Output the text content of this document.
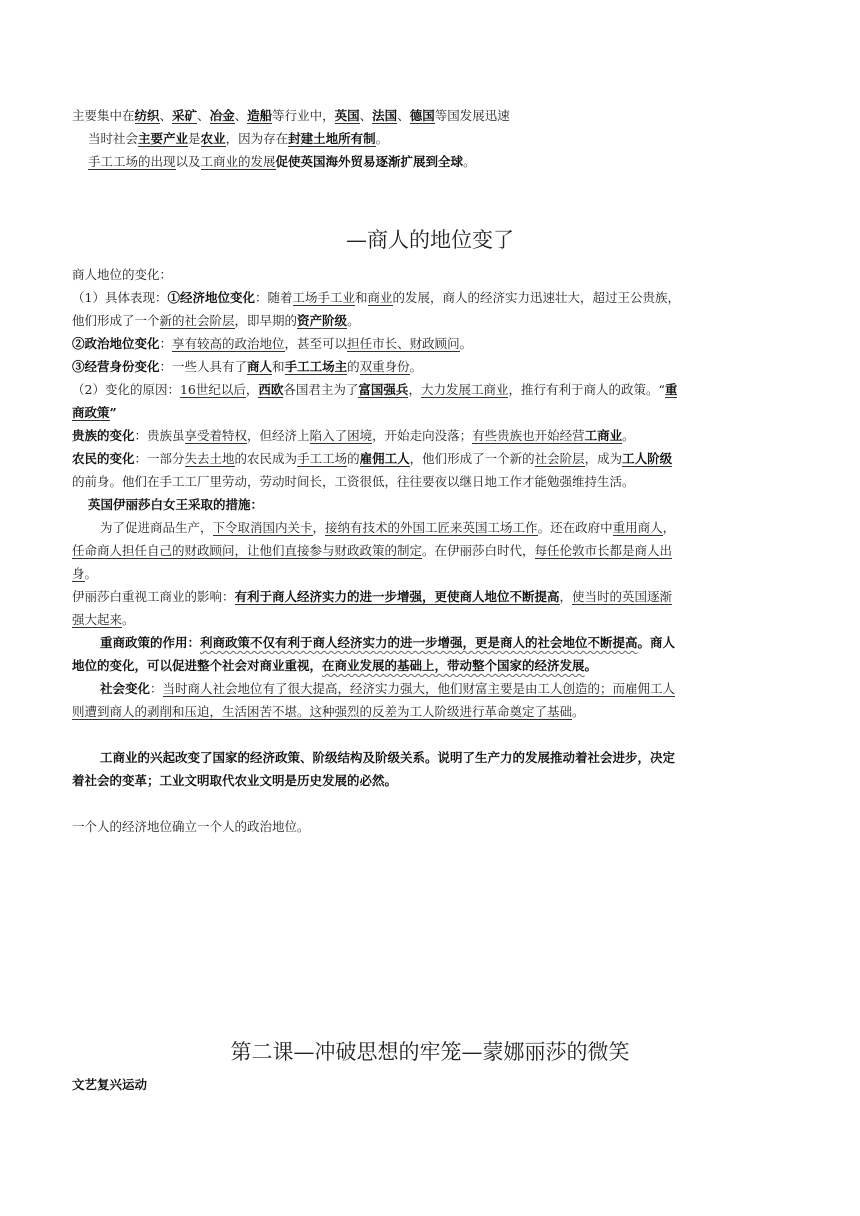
主要集中在纺织、采矿、冶金、造船等行业中，英国、法国、德国等国发展迅速
当时社会主要产业是农业，因为存在封建土地所有制。
手工工场的出现以及工商业的发展促使英国海外贸易逐渐扩展到全球。
—商人的地位变了
商人地位的变化：
（1）具体表现：①经济地位变化：随着工场手工业和商业的发展，商人的经济实力迅速壮大，超过王公贵族，
他们形成了一个新的社会阶层，即早期的资产阶级。
②政治地位变化：享有较高的政治地位，甚至可以担任市长、财政顾问。
③经营身份变化：一些人具有了商人和手工工场主的双重身份。
（2）变化的原因：16世纪以后，西欧各国君主为了富国强兵，大力发展工商业，推行有利于商人的政策。“重
商政策”
贵族的变化：贵族虽享受着特权，但经济上陷入了困境，开始走向没落；有些贵族也开始经营工商业。
农民的变化：一部分失去土地的农民成为手工工场的雇佣工人，他们形成了一个新的社会阶层，成为工人阶级
的前身。他们在手工工厂里劳动，劳动时间长，工资很低，往往要夜以继日地工作才能勉强维持生活。
英国伊丽莎白女王采取的措施：
为了促进商品生产，下令取消国内关卡，接纳有技术的外国工匠来英国工场工作。还在政府中重用商人，
任命商人担任自己的财政顾问，让他们直接参与财政政策的制定。在伊丽莎白时代，每任伦敦市长都是商人出
身。
伊丽莎白重视工商业的影响：有利于商人经济实力的进一步增强，更使商人地位不断提高，使当时的英国逐渐
强大起来。
重商政策的作用：利商政策不仅有利于商人经济实力的进一步增强，更是商人的社会地位不断提高。商人
地位的变化，可以促进整个社会对商业重视，在商业发展的基础上，带动整个国家的经济发展。
社会变化：当时商人社会地位有了很大提高，经济实力强大，他们财富主要是由工人创造的；而雇佣工人
则遭到商人的剥削和压迫，生活困苦不堪。这种强烈的反差为工人阶级进行革命奠定了基础。
工商业的兴起改变了国家的经济政策、阶级结构及阶级关系。说明了生产力的发展推动着社会进步，决定
着社会的变革；工业文明取代农业文明是历史发展的必然。
一个人的经济地位确立一个人的政治地位。
第二课—冲破思想的牢笼—蒙娜丽莎的微笑
文艺复兴运动
